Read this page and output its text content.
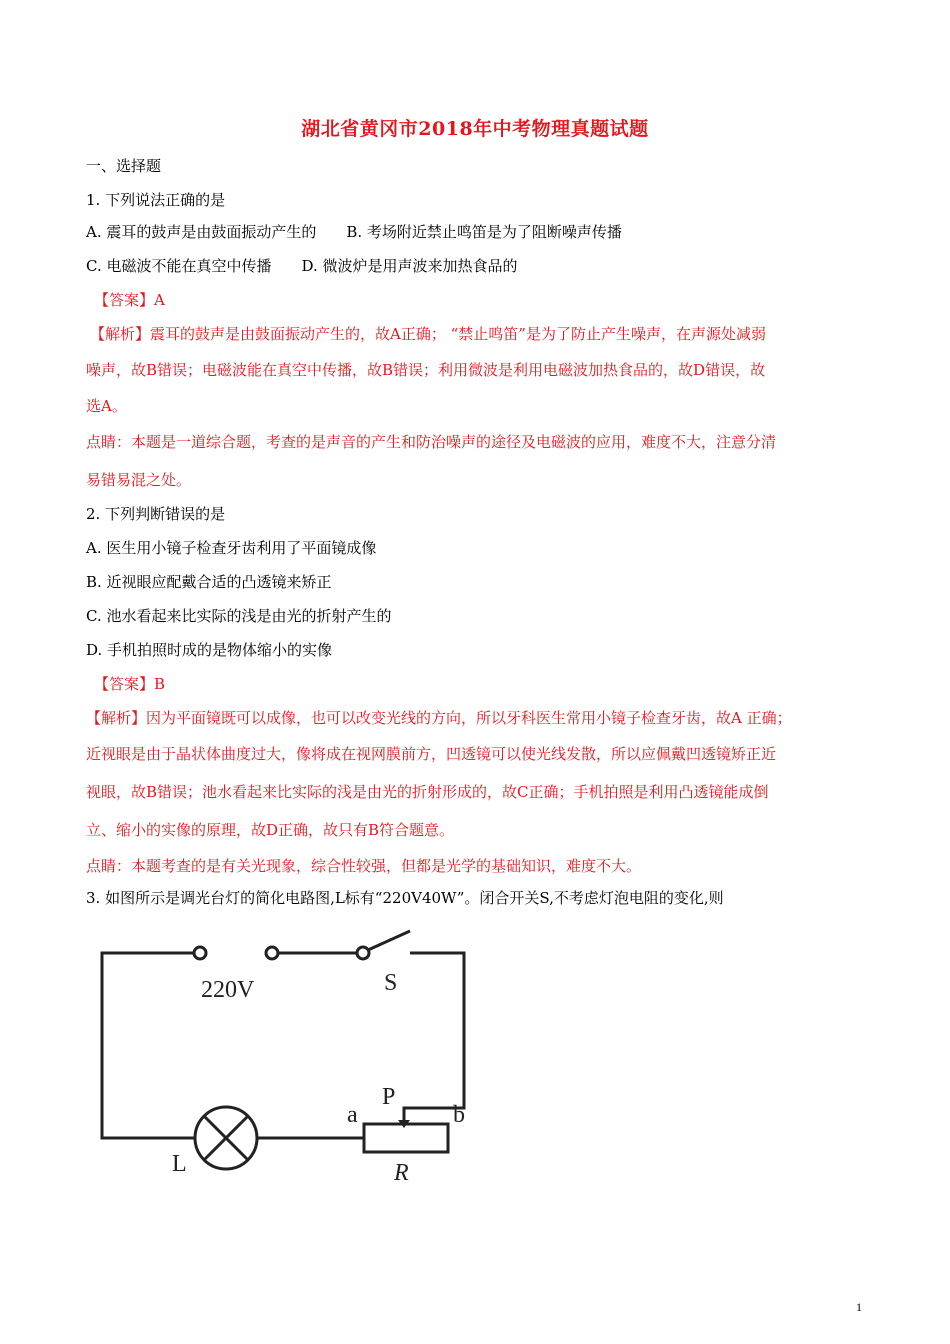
湖北省黄冈市2018年中考物理真题试题
一、选择题
1. 下列说法正确的是
A. 震耳的鼓声是由鼓面振动产生的 B. 考场附近禁止鸣笛是为了阻断噪声传播
C. 电磁波不能在真空中传播 D. 微波炉是用声波来加热食品的
【答案】A
【解析】震耳的鼓声是由鼓面振动产生的，故A正确； “禁止鸣笛”是为了防止产生噪声，在声源处减弱
噪声，故B错误；电磁波能在真空中传播，故B错误；利用微波是利用电磁波加热食品的，故D错误，故
选A。
点睛：本题是一道综合题，考查的是声音的产生和防治噪声的途径及电磁波的应用，难度不大，注意分清
易错易混之处。
2. 下列判断错误的是
A. 医生用小镜子检查牙齿利用了平面镜成像
B. 近视眼应配戴合适的凸透镜来矫正
C. 池水看起来比实际的浅是由光的折射产生的
D. 手机拍照时成的是物体缩小的实像
【答案】B
【解析】因为平面镜既可以成像，也可以改变光线的方向，所以牙科医生常用小镜子检查牙齿，故A 正确；
近视眼是由于晶状体曲度过大，像将成在视网膜前方，凹透镜可以使光线发散，所以应佩戴凹透镜矫正近
视眼，故B错误；池水看起来比实际的浅是由光的折射形成的，故C正确；手机拍照是利用凸透镜能成倒
立、缩小的实像的原理，故D正确，故只有B符合题意。
点睛：本题考查的是有关光现象，综合性较强，但都是光学的基础知识，难度不大。
3. 如图所示是调光台灯的简化电路图,L标有“220V40W”。闭合开关S,不考虑灯泡电阻的变化,则
220V	S
P
a	b
L	R
1
